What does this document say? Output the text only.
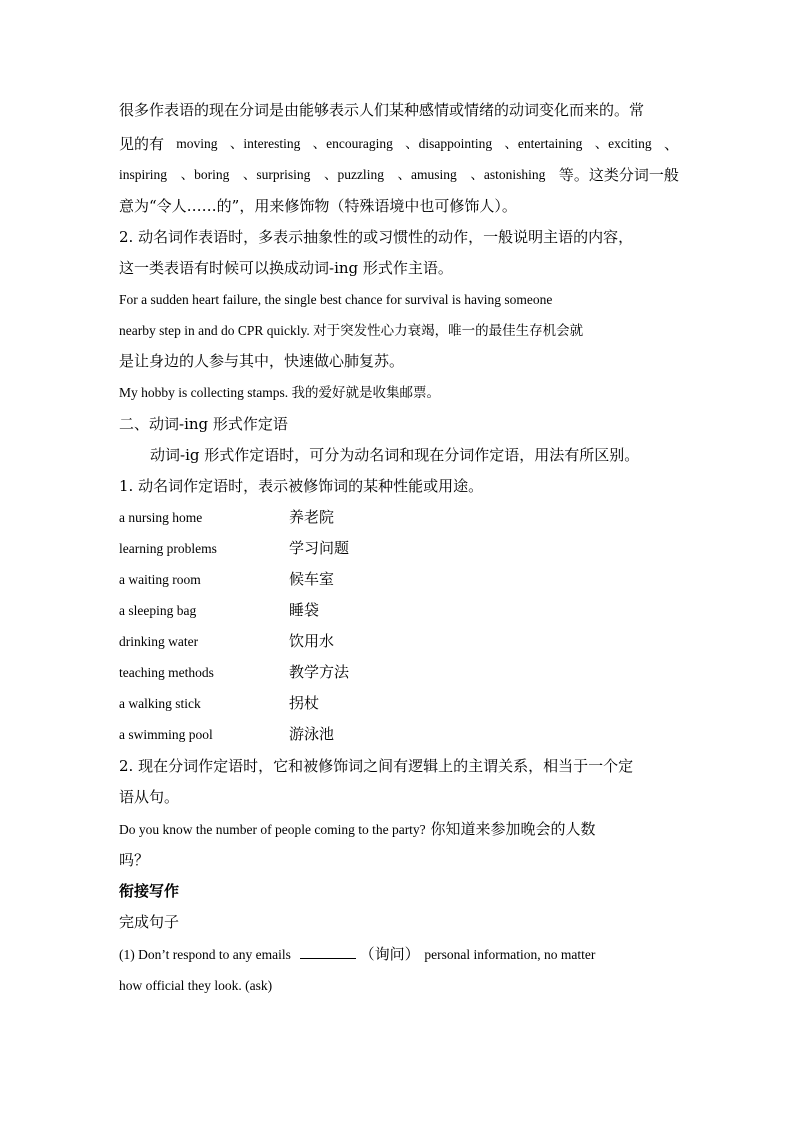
很多作表语的现在分词是由能够表示人们某种感情或情绪的动词变化而来的。常
见的有 moving 、interesting 、encouraging 、disappointing 、entertaining 、exciting 、
inspiring 、boring 、surprising 、puzzling 、amusing 、astonishing 等。这类分词一般
意为“令人……的”，用来修饰物（特殊语境中也可修饰人）。
2. 动名词作表语时，多表示抽象性的或习惯性的动作，一般说明主语的内容，
这一类表语有时候可以换成动词-ing 形式作主语。
For a sudden heart failure, the single best chance for survival is having someone
nearby step in and do CPR quickly. 对于突发性心力衰竭，唯一的最佳生存机会就
是让身边的人参与其中，快速做心肺复苏。
My hobby is collecting stamps. 我的爱好就是收集邮票。
二、动词-ing 形式作定语
动词-ig 形式作定语时，可分为动名词和现在分词作定语，用法有所区别。
1. 动名词作定语时，表示被修饰词的某种性能或用途。
a nursing home	养老院
learning problems	学习问题
a waiting room	候车室
a sleeping bag	睡袋
drinking water	饮用水
teaching methods	教学方法
a walking stick	拐杖
a swimming pool	游泳池
2. 现在分词作定语时，它和被修饰词之间有逻辑上的主谓关系，相当于一个定
语从句。
Do you know the number of people coming to the party? 你知道来参加晚会的人数
吗？
衔接写作
完成句子
(1) Don’t respond to any emails	（询问） personal information, no matter
how official they look. (ask)
